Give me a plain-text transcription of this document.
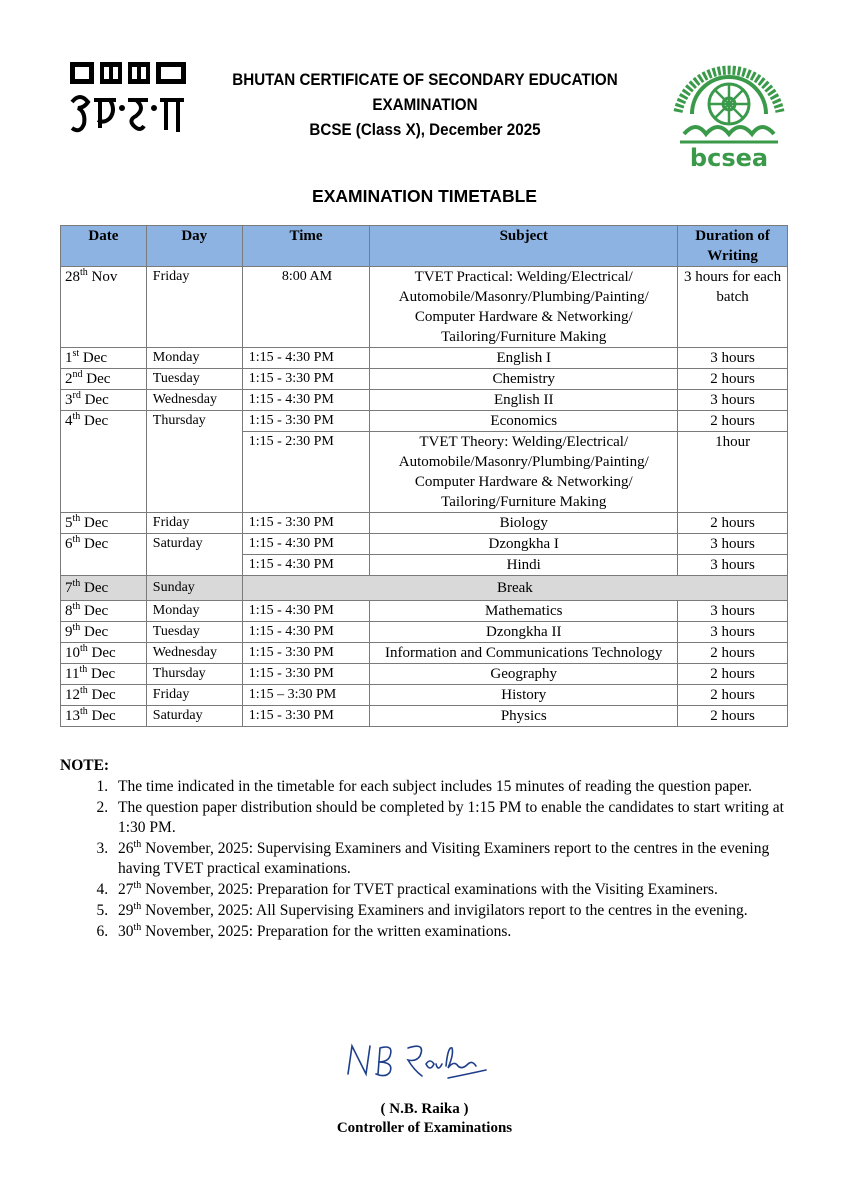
BHUTAN CERTIFICATE OF SECONDARY EDUCATION
EXAMINATION
BCSE (Class X), December 2025
bcsea
EXAMINATION TIMETABLE
Date	Day	Time	Subject	Duration of Writing
28th Nov	Friday	8:00 AM	TVET Practical: Welding/Electrical/ Automobile/Masonry/Plumbing/Painting/ Computer Hardware & Networking/ Tailoring/Furniture Making	3 hours for each batch
1st Dec	Monday	1:15 - 4:30 PM	English I	3 hours
2nd Dec	Tuesday	1:15 - 3:30 PM	Chemistry	2 hours
3rd Dec	Wednesday	1:15 - 4:30 PM	English II	3 hours
4th Dec	Thursday	1:15 - 3:30 PM	Economics	2 hours
		1:15 - 2:30 PM	TVET Theory: Welding/Electrical/ Automobile/Masonry/Plumbing/Painting/ Computer Hardware & Networking/ Tailoring/Furniture Making	1hour
5th Dec	Friday	1:15 - 3:30 PM	Biology	2 hours
6th Dec	Saturday	1:15 - 4:30 PM	Dzongkha I	3 hours
		1:15 - 4:30 PM	Hindi	3 hours
7th Dec	Sunday	Break		
8th Dec	Monday	1:15 - 4:30 PM	Mathematics	3 hours
9th Dec	Tuesday	1:15 - 4:30 PM	Dzongkha II	3 hours
10th Dec	Wednesday	1:15 - 3:30 PM	Information and Communications Technology	2 hours
11th Dec	Thursday	1:15 - 3:30 PM	Geography	2 hours
12th Dec	Friday	1:15 – 3:30 PM	History	2 hours
13th Dec	Saturday	1:15 - 3:30 PM	Physics	2 hours
NOTE:
1. The time indicated in the timetable for each subject includes 15 minutes of reading the question paper.
2. The question paper distribution should be completed by 1:15 PM to enable the candidates to start writing at 1:30 PM.
3. 26th November, 2025: Supervising Examiners and Visiting Examiners report to the centres in the evening having TVET practical examinations.
4. 27th November, 2025: Preparation for TVET practical examinations with the Visiting Examiners.
5. 29th November, 2025: All Supervising Examiners and invigilators report to the centres in the evening.
6. 30th November, 2025: Preparation for the written examinations.
( N.B. Raika )
Controller of Examinations
